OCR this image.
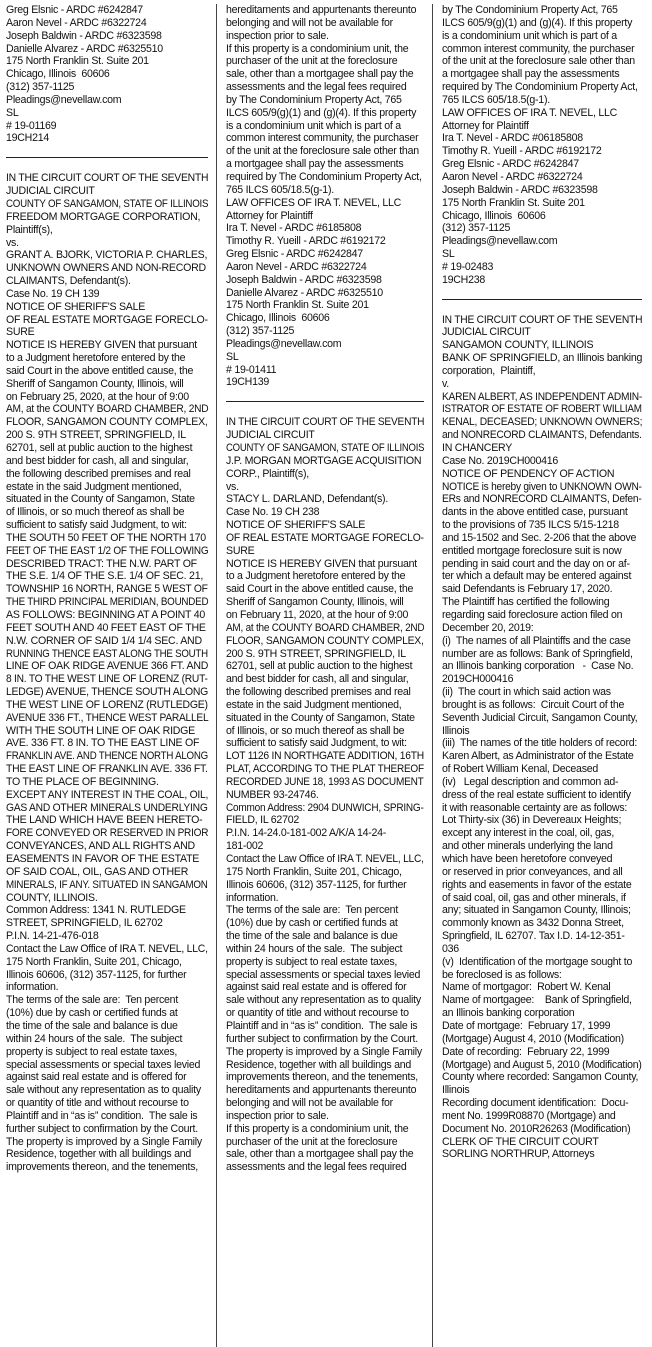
Greg Elsnic - ARDC #6242847
Aaron Nevel - ARDC #6322724
Joseph Baldwin - ARDC #6323598
Danielle Alvarez - ARDC #6325510
175 North Franklin St. Suite 201
Chicago, Illinois  60606
(312) 357-1125
Pleadings@nevellaw.com
SL
# 19-01169
19CH214
IN THE CIRCUIT COURT OF THE SEVENTH
JUDICIAL CIRCUIT
COUNTY OF SANGAMON, STATE OF ILLINOIS
FREEDOM MORTGAGE CORPORATION,
Plaintiff(s),
vs.
GRANT A. BJORK, VICTORIA P. CHARLES,
UNKNOWN OWNERS AND NON-RECORD
CLAIMANTS, Defendant(s).
Case No. 19 CH 139
NOTICE OF SHERIFF'S SALE
OF REAL ESTATE MORTGAGE FORECLO-
SURE
NOTICE IS HEREBY GIVEN that pursuant
to a Judgment heretofore entered by the
said Court in the above entitled cause, the
Sheriff of Sangamon County, Illinois, will
on February 25, 2020, at the hour of 9:00
AM, at the COUNTY BOARD CHAMBER, 2ND
FLOOR, SANGAMON COUNTY COMPLEX,
200 S. 9TH STREET, SPRINGFIELD, IL
62701, sell at public auction to the highest
and best bidder for cash, all and singular,
the following described premises and real
estate in the said Judgment mentioned,
situated in the County of Sangamon, State
of Illinois, or so much thereof as shall be
sufficient to satisfy said Judgment, to wit:
THE SOUTH 50 FEET OF THE NORTH 170
FEET OF THE EAST 1/2 OF THE FOLLOWING
DESCRIBED TRACT: THE N.W. PART OF
THE S.E. 1/4 OF THE S.E. 1/4 OF SEC. 21,
TOWNSHIP 16 NORTH, RANGE 5 WEST OF
THE THIRD PRINCIPAL MERIDIAN, BOUNDED
AS FOLLOWS: BEGINNING AT A POINT 40
FEET SOUTH AND 40 FEET EAST OF THE
N.W. CORNER OF SAID 1/4 1/4 SEC. AND
RUNNING THENCE EAST ALONG THE SOUTH
LINE OF OAK RIDGE AVENUE 366 FT. AND
8 IN. TO THE WEST LINE OF LORENZ (RUT-
LEDGE) AVENUE, THENCE SOUTH ALONG
THE WEST LINE OF LORENZ (RUTLEDGE)
AVENUE 336 FT., THENCE WEST PARALLEL
WITH THE SOUTH LINE OF OAK RIDGE
AVE. 336 FT. 8 IN. TO THE EAST LINE OF
FRANKLIN AVE. AND THENCE NORTH ALONG
THE EAST LINE OF FRANKLIN AVE. 336 FT.
TO THE PLACE OF BEGINNING.
EXCEPT ANY INTEREST IN THE COAL, OIL,
GAS AND OTHER MINERALS UNDERLYING
THE LAND WHICH HAVE BEEN HERETO-
FORE CONVEYED OR RESERVED IN PRIOR
CONVEYANCES, AND ALL RIGHTS AND
EASEMENTS IN FAVOR OF THE ESTATE
OF SAID COAL, OIL, GAS AND OTHER
MINERALS, IF ANY. SITUATED IN SANGAMON
COUNTY, ILLINOIS.
Common Address: 1341 N. RUTLEDGE
STREET, SPRINGFIELD, IL 62702
P.I.N. 14-21-476-018
Contact the Law Office of IRA T. NEVEL, LLC,
175 North Franklin, Suite 201, Chicago,
Illinois 60606, (312) 357-1125, for further
information.
The terms of the sale are:  Ten percent
(10%) due by cash or certified funds at
the time of the sale and balance is due
within 24 hours of the sale.  The subject
property is subject to real estate taxes,
special assessments or special taxes levied
against said real estate and is offered for
sale without any representation as to quality
or quantity of title and without recourse to
Plaintiff and in “as is” condition.  The sale is
further subject to confirmation by the Court.
The property is improved by a Single Family
Residence, together with all buildings and
improvements thereon, and the tenements,
hereditaments and appurtenants thereunto
belonging and will not be available for
inspection prior to sale.
If this property is a condominium unit, the
purchaser of the unit at the foreclosure
sale, other than a mortgagee shall pay the
assessments and the legal fees required
by The Condominium Property Act, 765
ILCS 605/9(g)(1) and (g)(4). If this property
is a condominium unit which is part of a
common interest community, the purchaser
of the unit at the foreclosure sale other than
a mortgagee shall pay the assessments
required by The Condominium Property Act,
765 ILCS 605/18.5(g-1).
LAW OFFICES OF IRA T. NEVEL, LLC
Attorney for Plaintiff
Ira T. Nevel - ARDC #6185808
Timothy R. Yueill - ARDC #6192172
Greg Elsnic - ARDC #6242847
Aaron Nevel - ARDC #6322724
Joseph Baldwin - ARDC #6323598
Danielle Alvarez - ARDC #6325510
175 North Franklin St. Suite 201
Chicago, Illinois  60606
(312) 357-1125
Pleadings@nevellaw.com
SL
# 19-01411
19CH139
IN THE CIRCUIT COURT OF THE SEVENTH
JUDICIAL CIRCUIT
COUNTY OF SANGAMON, STATE OF ILLINOIS
J.P. MORGAN MORTGAGE ACQUISITION
CORP., Plaintiff(s),
vs.
STACY L. DARLAND, Defendant(s).
Case No. 19 CH 238
NOTICE OF SHERIFF'S SALE
OF REAL ESTATE MORTGAGE FORECLO-
SURE
NOTICE IS HEREBY GIVEN that pursuant
to a Judgment heretofore entered by the
said Court in the above entitled cause, the
Sheriff of Sangamon County, Illinois, will
on February 11, 2020, at the hour of 9:00
AM, at the COUNTY BOARD CHAMBER, 2ND
FLOOR, SANGAMON COUNTY COMPLEX,
200 S. 9TH STREET, SPRINGFIELD, IL
62701, sell at public auction to the highest
and best bidder for cash, all and singular,
the following described premises and real
estate in the said Judgment mentioned,
situated in the County of Sangamon, State
of Illinois, or so much thereof as shall be
sufficient to satisfy said Judgment, to wit:
LOT 1126 IN NORTHGATE ADDITION, 16TH
PLAT, ACCORDING TO THE PLAT THEREOF
RECORDED JUNE 18, 1993 AS DOCUMENT
NUMBER 93-24746.
Common Address: 2904 DUNWICH, SPRING-
FIELD, IL 62702
P.I.N. 14-24.0-181-002 A/K/A 14-24-
181-002
Contact the Law Office of IRA T. NEVEL, LLC,
175 North Franklin, Suite 201, Chicago,
Illinois 60606, (312) 357-1125, for further
information.
The terms of the sale are:  Ten percent
(10%) due by cash or certified funds at
the time of the sale and balance is due
within 24 hours of the sale.  The subject
property is subject to real estate taxes,
special assessments or special taxes levied
against said real estate and is offered for
sale without any representation as to quality
or quantity of title and without recourse to
Plaintiff and in “as is” condition.  The sale is
further subject to confirmation by the Court.
The property is improved by a Single Family
Residence, together with all buildings and
improvements thereon, and the tenements,
hereditaments and appurtenants thereunto
belonging and will not be available for
inspection prior to sale.
If this property is a condominium unit, the
purchaser of the unit at the foreclosure
sale, other than a mortgagee shall pay the
assessments and the legal fees required
by The Condominium Property Act, 765
ILCS 605/9(g)(1) and (g)(4). If this property
is a condominium unit which is part of a
common interest community, the purchaser
of the unit at the foreclosure sale other than
a mortgagee shall pay the assessments
required by The Condominium Property Act,
765 ILCS 605/18.5(g-1).
LAW OFFICES OF IRA T. NEVEL, LLC
Attorney for Plaintiff
Ira T. Nevel - ARDC #06185808
Timothy R. Yueill - ARDC #6192172
Greg Elsnic - ARDC #6242847
Aaron Nevel - ARDC #6322724
Joseph Baldwin - ARDC #6323598
175 North Franklin St. Suite 201
Chicago, Illinois  60606
(312) 357-1125
Pleadings@nevellaw.com
SL
# 19-02483
19CH238
IN THE CIRCUIT COURT OF THE SEVENTH
JUDICIAL CIRCUIT
SANGAMON COUNTY, ILLINOIS
BANK OF SPRINGFIELD, an Illinois banking
corporation,  Plaintiff,
v.
KAREN ALBERT, AS INDEPENDENT ADMIN-
ISTRATOR OF ESTATE OF ROBERT WILLIAM
KENAL, DECEASED; UNKNOWN OWNERS;
and NONRECORD CLAIMANTS, Defendants.
IN CHANCERY
Case No. 2019CH000416
NOTICE OF PENDENCY OF ACTION
NOTICE is hereby given to UNKNOWN OWN-
ERs and NONRECORD CLAIMANTS, Defen-
dants in the above entitled case, pursuant
to the provisions of 735 ILCS 5/15-1218
and 15-1502 and Sec. 2-206 that the above
entitled mortgage foreclosure suit is now
pending in said court and the day on or af-
ter which a default may be entered against
said Defendants is February 17, 2020.
The Plaintiff has certified the following
regarding said foreclosure action filed on
December 20, 2019:
(i)  The names of all Plaintiffs and the case
number are as follows: Bank of Springfield,
an Illinois banking corporation   -  Case No.
2019CH000416
(ii)  The court in which said action was
brought is as follows:  Circuit Court of the
Seventh Judicial Circuit, Sangamon County,
Illinois
(iii)  The names of the title holders of record:
Karen Albert, as Administrator of the Estate
of Robert William Kenal, Deceased
(iv)   Legal description and common ad-
dress of the real estate sufficient to identify
it with reasonable certainty are as follows:
Lot Thirty-six (36) in Devereaux Heights;
except any interest in the coal, oil, gas,
and other minerals underlying the land
which have been heretofore conveyed
or reserved in prior conveyances, and all
rights and easements in favor of the estate
of said coal, oil, gas and other minerals, if
any; situated in Sangamon County, Illinois;
commonly known as 3432 Donna Street,
Springfield, IL 62707. Tax I.D. 14-12-351-
036
(v)  Identification of the mortgage sought to
be foreclosed is as follows:
Name of mortgagor:  Robert W. Kenal
Name of mortgagee:    Bank of Springfield,
an Illinois banking corporation
Date of mortgage:  February 17, 1999
(Mortgage) August 4, 2010 (Modification)
Date of recording:  February 22, 1999
(Mortgage) and August 5, 2010 (Modification)
County where recorded: Sangamon County,
Illinois
Recording document identification:  Docu-
ment No. 1999R08870 (Mortgage) and
Document No. 2010R26263 (Modification)
CLERK OF THE CIRCUIT COURT
SORLING NORTHRUP, Attorneys
